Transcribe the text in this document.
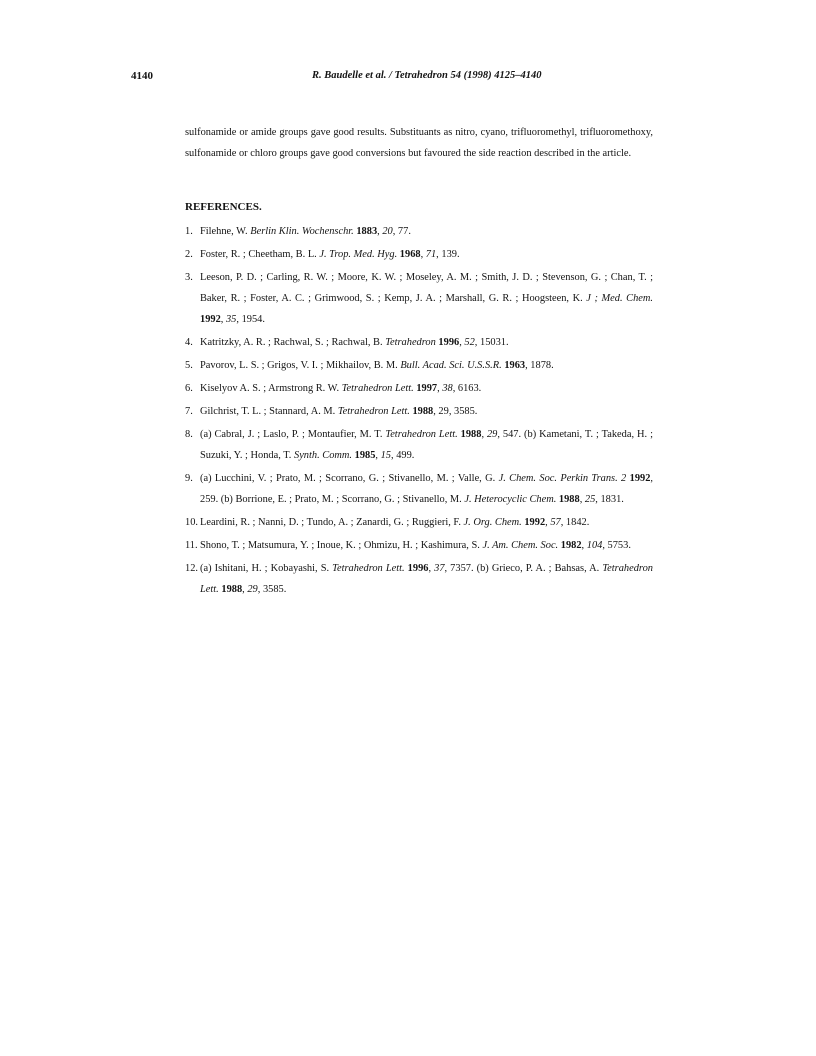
4140	R. Baudelle et al. / Tetrahedron 54 (1998) 4125–4140

sulfonamide or amide groups gave good results. Substituants as nitro, cyano, trifluoromethyl, trifluoromethoxy, sulfonamide or chloro groups gave good conversions but favoured the side reaction described in the article.

REFERENCES.
1. Filehne, W. Berlin Klin. Wochenschr. 1883, 20, 77.
2. Foster, R. ; Cheetham, B. L. J. Trop. Med. Hyg. 1968, 71, 139.
3. Leeson, P. D. ; Carling, R. W. ; Moore, K. W. ; Moseley, A. M. ; Smith, J. D. ; Stevenson, G. ; Chan, T. ; Baker, R. ; Foster, A. C. ; Grimwood, S. ; Kemp, J. A. ; Marshall, G. R. ; Hoogsteen, K. J ; Med. Chem. 1992, 35, 1954.
4. Katritzky, A. R. ; Rachwal, S. ; Rachwal, B. Tetrahedron 1996, 52, 15031.
5. Pavorov, L. S. ; Grigos, V. I. ; Mikhailov, B. M. Bull. Acad. Sci. U.S.S.R. 1963, 1878.
6. Kiselyov A. S. ; Armstrong R. W. Tetrahedron Lett. 1997, 38, 6163.
7. Gilchrist, T. L. ; Stannard, A. M. Tetrahedron Lett. 1988, 29, 3585.
8. (a) Cabral, J. ; Laslo, P. ; Montaufier, M. T. Tetrahedron Lett. 1988, 29, 547. (b) Kametani, T. ; Takeda, H. ; Suzuki, Y. ; Honda, T. Synth. Comm. 1985, 15, 499.
9. (a) Lucchini, V. ; Prato, M. ; Scorrano, G. ; Stivanello, M. ; Valle, G. J. Chem. Soc. Perkin Trans. 2 1992, 259. (b) Borrione, E. ; Prato, M. ; Scorrano, G. ; Stivanello, M. J. Heterocyclic Chem. 1988, 25, 1831.
10. Leardini, R. ; Nanni, D. ; Tundo, A. ; Zanardi, G. ; Ruggieri, F. J. Org. Chem. 1992, 57, 1842.
11. Shono, T. ; Matsumura, Y. ; Inoue, K. ; Ohmizu, H. ; Kashimura, S. J. Am. Chem. Soc. 1982, 104, 5753.
12. (a) Ishitani, H. ; Kobayashi, S. Tetrahedron Lett. 1996, 37, 7357. (b) Grieco, P. A. ; Bahsas, A. Tetrahedron Lett. 1988, 29, 3585.
